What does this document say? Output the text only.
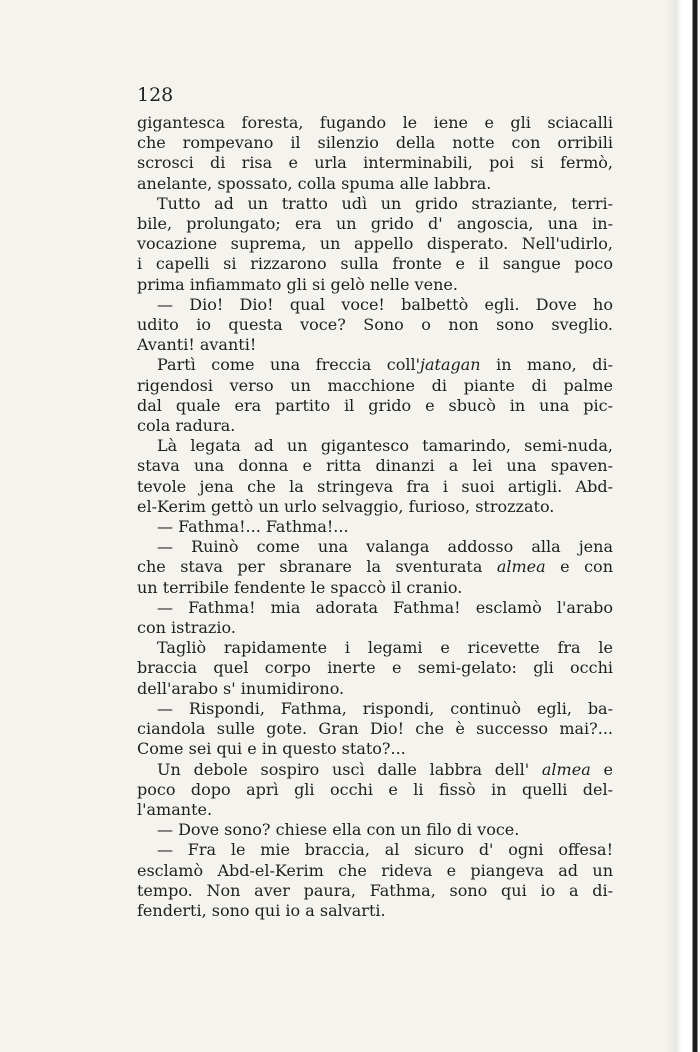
128

gigantesca foresta, fugando le iene e gli sciacalli
che rompevano il silenzio della notte con orribili
scrosci di risa e urla interminabili, poi si fermò,
anelante, spossato, colla spuma alle labbra.
Tutto ad un tratto udì un grido straziante, terri-
bile, prolungato; era un grido d' angoscia, una in-
vocazione suprema, un appello disperato. Nell'udirlo,
i capelli si rizzarono sulla fronte e il sangue poco
prima infiammato gli si gelò nelle vene.
— Dio! Dio! qual voce! balbettò egli. Dove ho
udito io questa voce? Sono o non sono sveglio.
Avanti! avanti!
Partì come una freccia coll'jatagan in mano, di-
rigendosi verso un macchione di piante di palme
dal quale era partito il grido e sbucò in una pic-
cola radura.
Là legata ad un gigantesco tamarindo, semi-nuda,
stava una donna e ritta dinanzi a lei una spaven-
tevole jena che la stringeva fra i suoi artigli. Abd-
el-Kerim gettò un urlo selvaggio, furioso, strozzato.
— Fathma!... Fathma!...
— Ruinò come una valanga addosso alla jena
che stava per sbranare la sventurata almea e con
un terribile fendente le spaccò il cranio.
— Fathma! mia adorata Fathma! esclamò l'arabo
con istrazio.
Tagliò rapidamente i legami e ricevette fra le
braccia quel corpo inerte e semi-gelato: gli occhi
dell'arabo s' inumidirono.
— Rispondi, Fathma, rispondi, continuò egli, ba-
ciandola sulle gote. Gran Dio! che è successo mai?...
Come sei qui e in questo stato?...
Un debole sospiro uscì dalle labbra dell' almea e
poco dopo aprì gli occhi e li fissò in quelli del-
l'amante.
— Dove sono? chiese ella con un filo di voce.
— Fra le mie braccia, al sicuro d' ogni offesa!
esclamò Abd-el-Kerim che rideva e piangeva ad un
tempo. Non aver paura, Fathma, sono qui io a di-
fenderti, sono qui io a salvarti.
